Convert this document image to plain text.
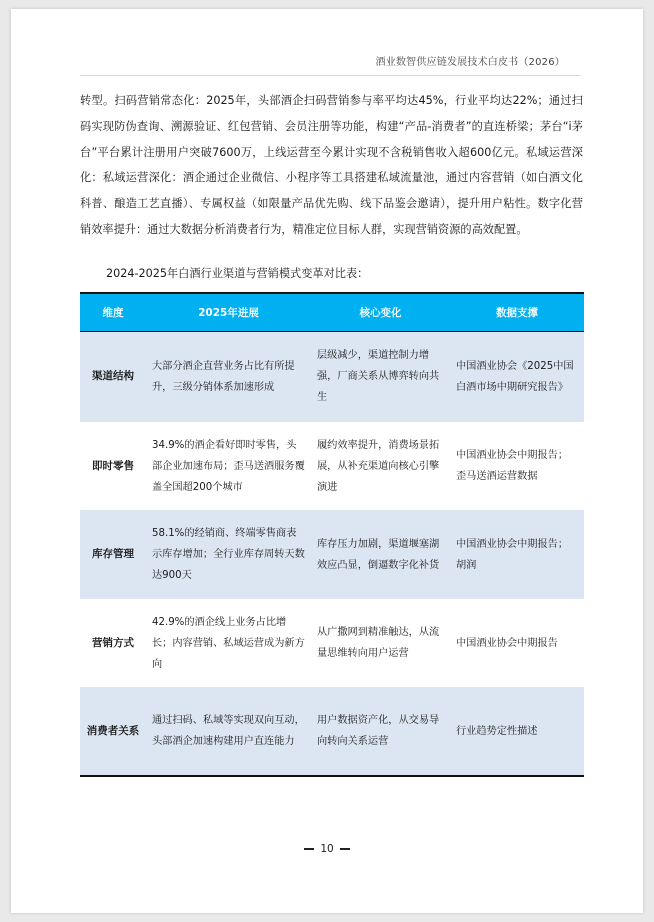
酒业数智供应链发展技术白皮书（2026）

转型。扫码营销常态化：2025年，头部酒企扫码营销参与率平均达45%，行业平均达22%；通过扫码实现防伪查询、溯源验证、红包营销、会员注册等功能，构建“产品-消费者”的直连桥梁；茅台“i茅台”平台累计注册用户突破7600万，上线运营至今累计实现不含税销售收入超600亿元。私域运营深化：私域运营深化：酒企通过企业微信、小程序等工具搭建私域流量池，通过内容营销（如白酒文化科普、酿造工艺直播）、专属权益（如限量产品优先购、线下品鉴会邀请），提升用户粘性。数字化营销效率提升：通过大数据分析消费者行为，精准定位目标人群，实现营销资源的高效配置。

2024-2025年白酒行业渠道与营销模式变革对比表：
维度	2025年进展	核心变化	数据支撑
渠道结构	大部分酒企直营业务占比有所提升，三级分销体系加速形成	层级减少，渠道控制力增强，厂商关系从博弈转向共生	中国酒业协会《2025中国白酒市场中期研究报告》
即时零售	34.9%的酒企看好即时零售，头部企业加速布局；歪马送酒服务覆盖全国超200个城市	履约效率提升，消费场景拓展，从补充渠道向核心引擎演进	中国酒业协会中期报告；歪马送酒运营数据
库存管理	58.1%的经销商、终端零售商表示库存增加；全行业库存周转天数达900天	库存压力加剧，渠道堰塞湖效应凸显，倒逼数字化补货	中国酒业协会中期报告；胡润
营销方式	42.9%的酒企线上业务占比增长；内容营销、私域运营成为新方向	从广撒网到精准触达，从流量思维转向用户运营	中国酒业协会中期报告
消费者关系	通过扫码、私域等实现双向互动，头部酒企加速构建用户直连能力	用户数据资产化，从交易导向转向关系运营	行业趋势定性描述
10
